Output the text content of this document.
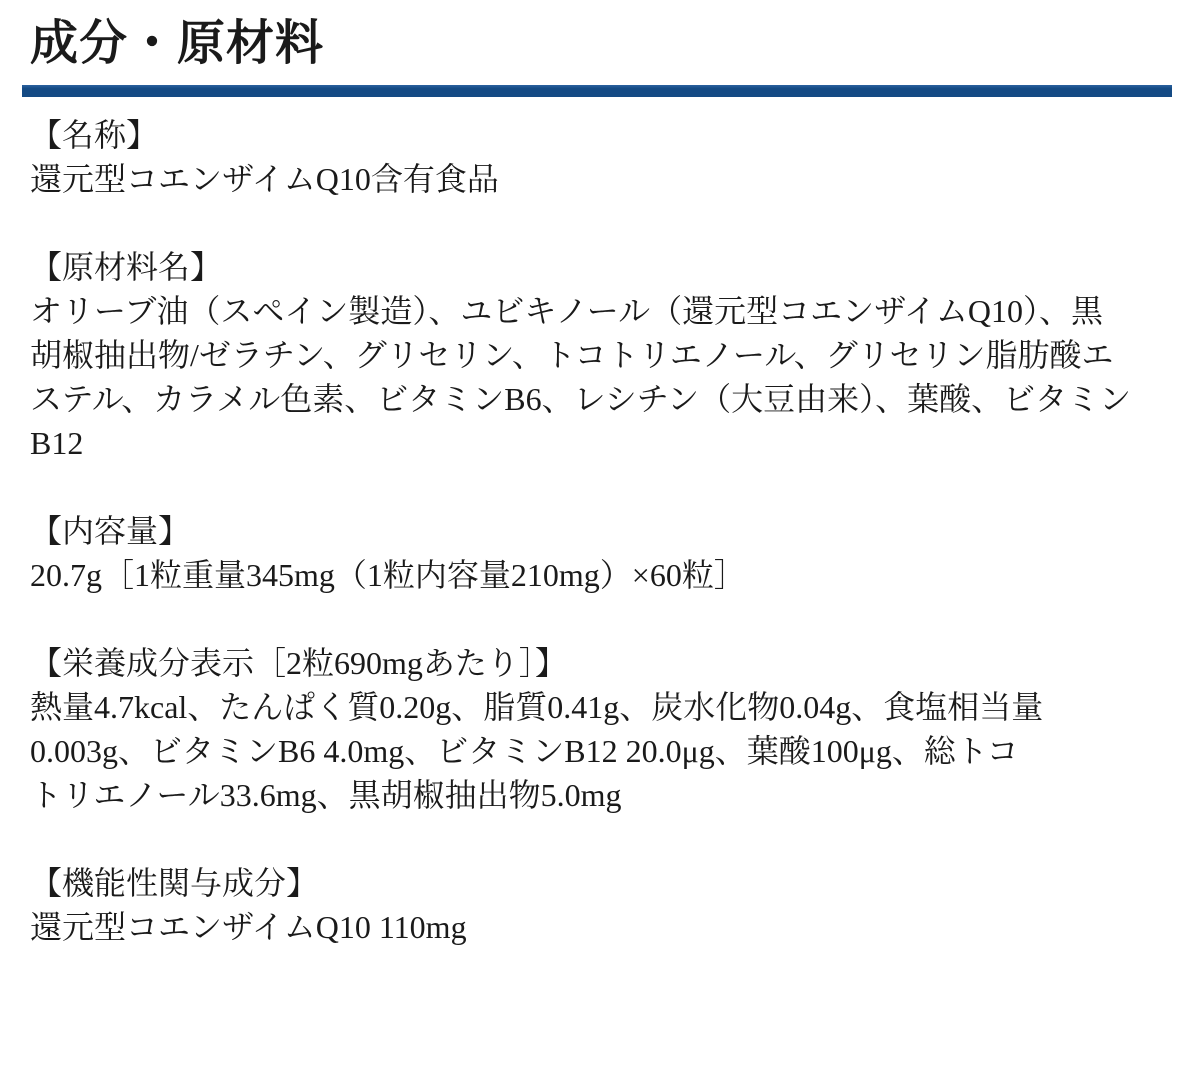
成分・原材料
【名称】
還元型コエンザイムQ10含有食品
【原材料名】
オリーブ油（スペイン製造）、ユビキノール（還元型コエンザイムQ10）、黒
胡椒抽出物/ゼラチン、グリセリン、トコトリエノール、グリセリン脂肪酸エ
ステル、カラメル色素、ビタミンB6、レシチン（大豆由来）、葉酸、ビタミン
B12
【内容量】
20.7g［1粒重量345mg（1粒内容量210mg）×60粒］
【栄養成分表示［2粒690mgあたり］】
熱量4.7kcal、たんぱく質0.20g、脂質0.41g、炭水化物0.04g、食塩相当量
0.003g、ビタミンB6 4.0mg、ビタミンB12 20.0μg、葉酸100μg、総トコ
トリエノール33.6mg、黒胡椒抽出物5.0mg
【機能性関与成分】
還元型コエンザイムQ10 110mg
